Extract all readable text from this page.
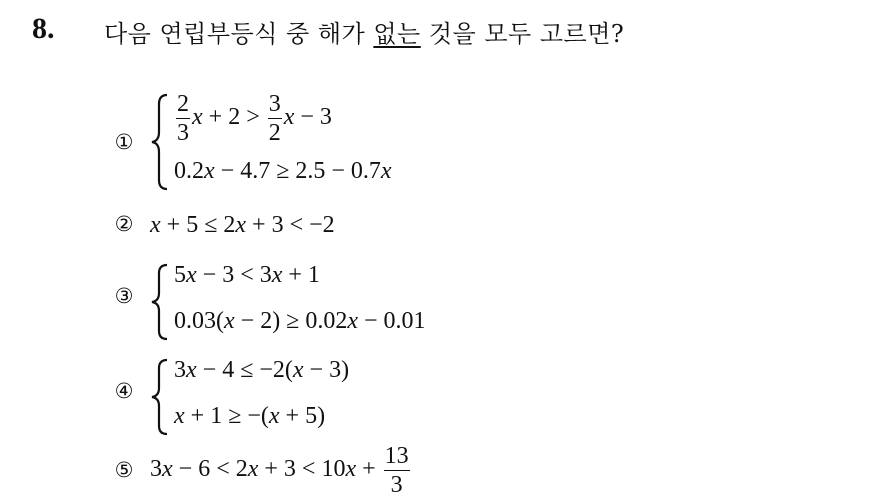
8. 다음 연립부등식 중 해가 없는 것을 모두 고르면?
① $\frac{2}{3}$ $x + 2 > \frac{3}{2}$ x − 3
0.2x − 4.7 ≥ 2.5 − 0.7x
② x + 5 ≤ 2x + 3 < −2
③
5x − 3 < 3x + 1
0.03(x − 2) ≥ 0.02x − 0.01
④
3x − 4 ≤ −2(x − 3)
x + 1 ≥ −(x + 5)
⑤ $3x - 6 < 2x + 3 < 10x + \frac{13}{3}$
